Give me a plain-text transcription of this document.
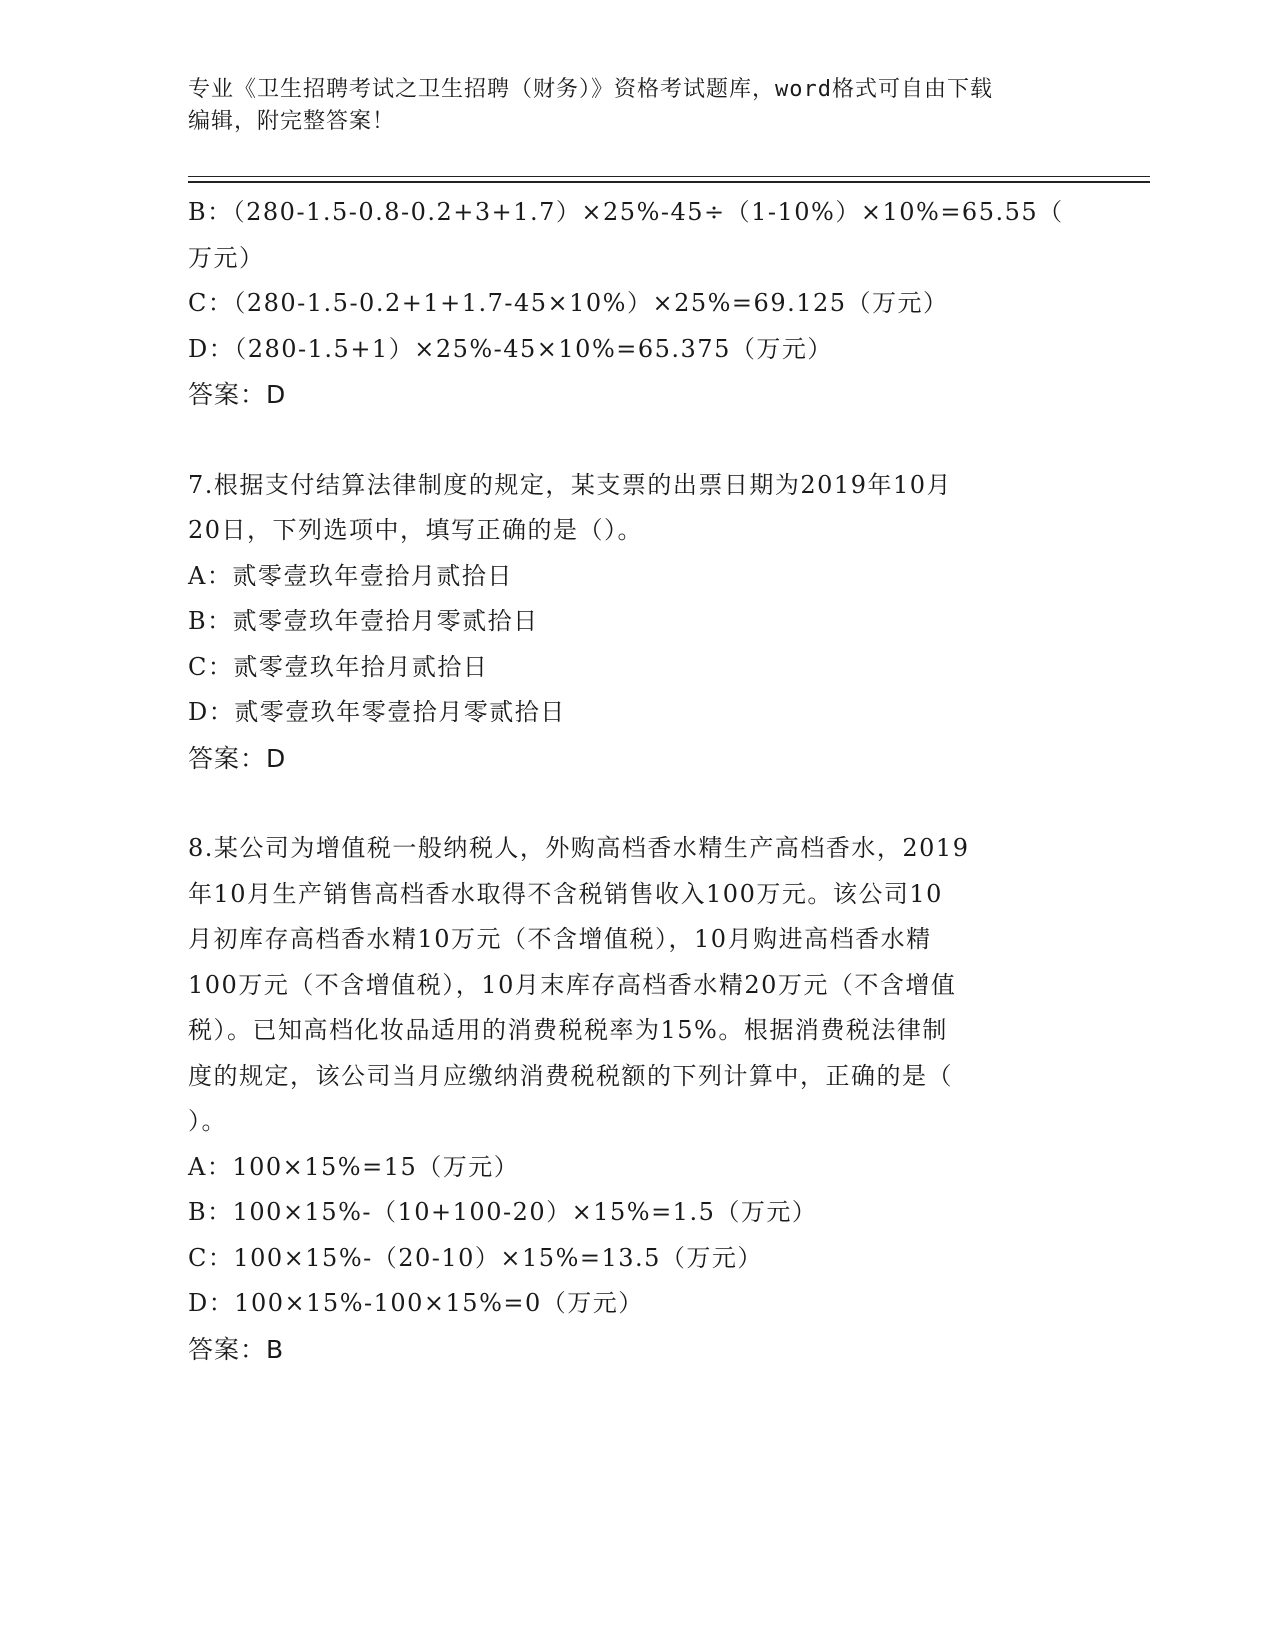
专业《卫生招聘考试之卫生招聘（财务）》资格考试题库，word格式可自由下载
编辑，附完整答案！
B：（280-1.5-0.8-0.2+3+1.7）×25%-45÷（1-10%）×10%=65.55（
万元）
C：（280-1.5-0.2+1+1.7-45×10%）×25%=69.125（万元）
D：（280-1.5+1）×25%-45×10%=65.375（万元）
答案：D
7.根据支付结算法律制度的规定，某支票的出票日期为2019年10月
20日，下列选项中，填写正确的是（）。
A：贰零壹玖年壹拾月贰拾日
B：贰零壹玖年壹拾月零贰拾日
C：贰零壹玖年拾月贰拾日
D：贰零壹玖年零壹拾月零贰拾日
答案：D
8.某公司为增值税一般纳税人，外购高档香水精生产高档香水，2019
年10月生产销售高档香水取得不含税销售收入100万元。该公司10
月初库存高档香水精10万元（不含增值税），10月购进高档香水精
100万元（不含增值税），10月末库存高档香水精20万元（不含增值
税）。已知高档化妆品适用的消费税税率为15%。根据消费税法律制
度的规定，该公司当月应缴纳消费税税额的下列计算中，正确的是（
）。
A：100×15%=15（万元）
B：100×15%-（10+100-20）×15%=1.5（万元）
C：100×15%-（20-10）×15%=13.5（万元）
D：100×15%-100×15%=0（万元）
答案：B
